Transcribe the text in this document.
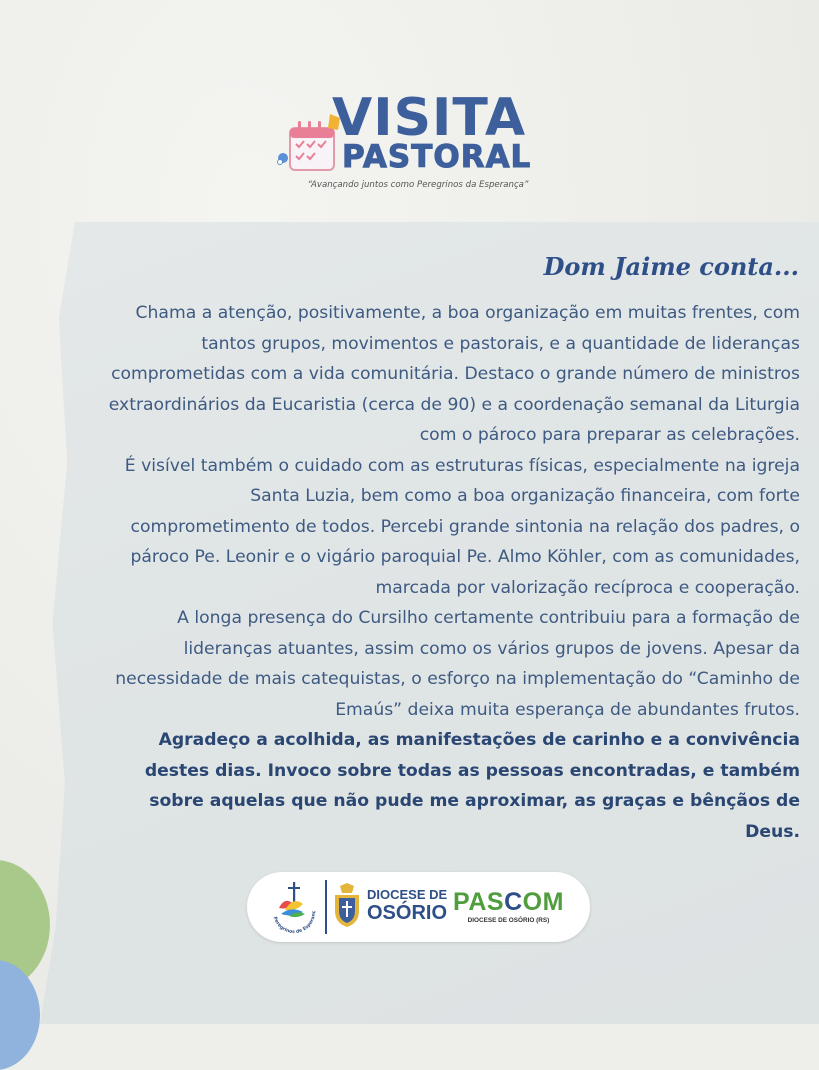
VISITA
PASTORAL
“Avançando juntos como Peregrinos da Esperança”
Dom Jaime conta...

Chama a atenção, positivamente, a boa organização em muitas frentes, com tantos grupos, movimentos e pastorais, e a quantidade de lideranças comprometidas com a vida comunitária. Destaco o grande número de ministros extraordinários da Eucaristia (cerca de 90) e a coordenação semanal da Liturgia com o pároco para preparar as celebrações.

É visível também o cuidado com as estruturas físicas, especialmente na igreja Santa Luzia, bem como a boa organização financeira, com forte comprometimento de todos. Percebi grande sintonia na relação dos padres, o pároco Pe. Leonir e o vigário paroquial Pe. Almo Köhler, com as comunidades, marcada por valorização recíproca e cooperação.

A longa presença do Cursilho certamente contribuiu para a formação de lideranças atuantes, assim como os vários grupos de jovens. Apesar da necessidade de mais catequistas, o esforço na implementação do “Caminho de Emaús” deixa muita esperança de abundantes frutos.

Agradeço a acolhida, as manifestações de carinho e a convivência destes dias. Invoco sobre todas as pessoas encontradas, e também sobre aquelas que não pude me aproximar, as graças e bênçãos de Deus.

Peregrinos de Esperanç
DIOCESE DE
OSÓRIO PASCOM
DIOCESE DE OSÓRIO (RS)
